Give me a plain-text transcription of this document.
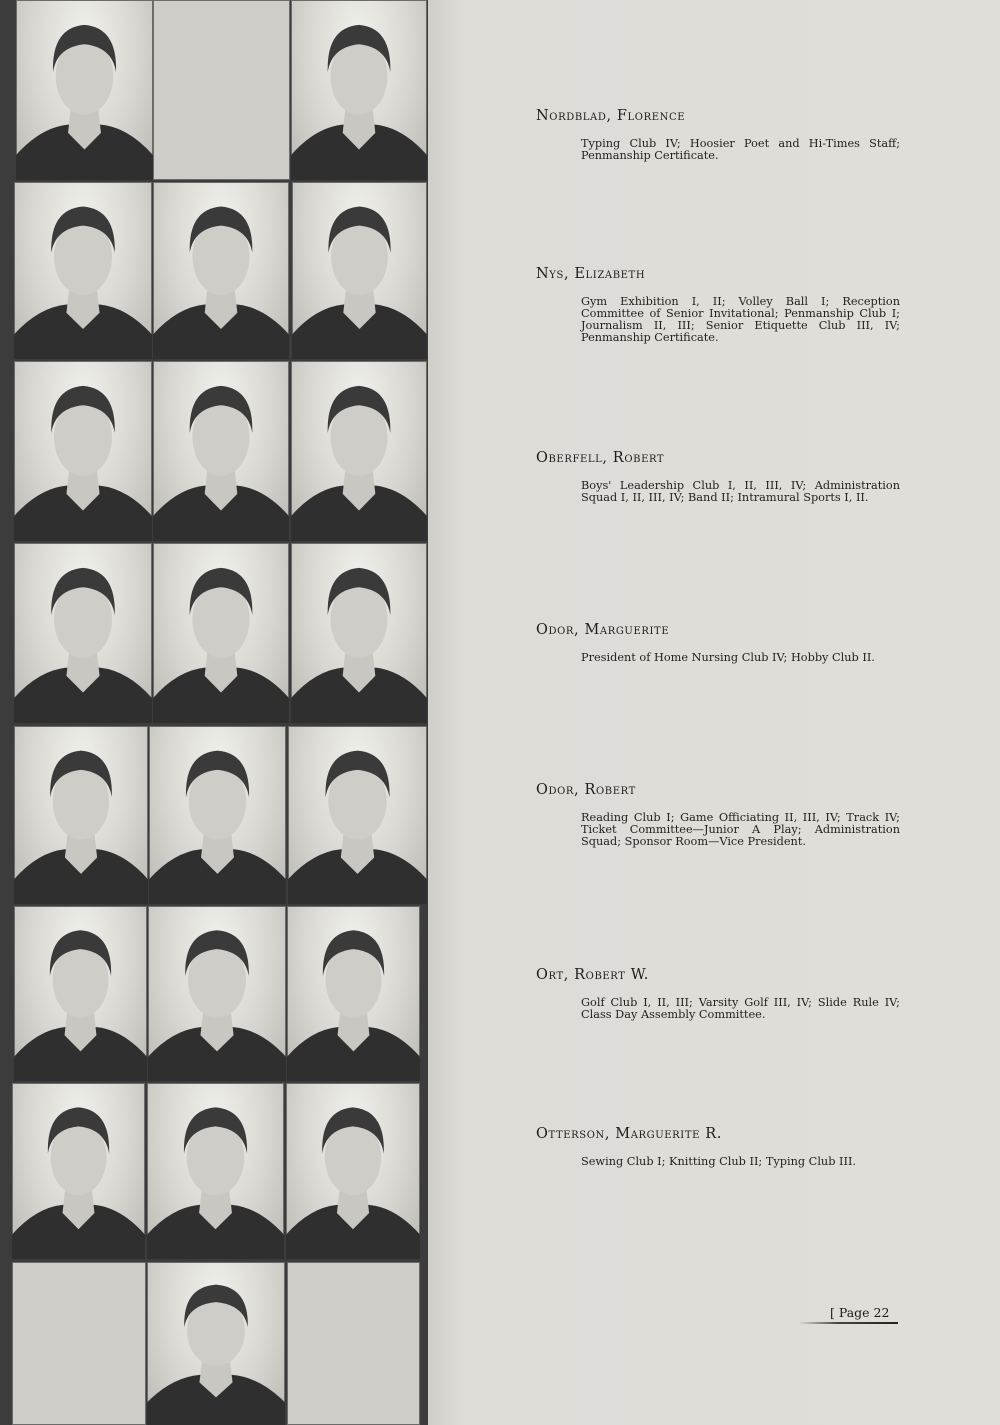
Nordblad, Florence

Typing Club IV; Hoosier Poet and Hi-Times Staff; Penmanship Certificate.

Nys, Elizabeth

Gym Exhibition I, II; Volley Ball I; Reception Committee of Senior Invitational; Penmanship Club I; Journalism II, III; Senior Etiquette Club III, IV; Penmanship Certificate.

Oberfell, Robert

Boys' Leadership Club I, II, III, IV; Administration Squad I, II, III, IV; Band II; Intramural Sports I, II.

Odor, Marguerite

President of Home Nursing Club IV; Hobby Club II.

Odor, Robert

Reading Club I; Game Officiating II, III, IV; Track IV; Ticket Committee—Junior A Play; Administration Squad; Sponsor Room—Vice President.

Ort, Robert W.

Golf Club I, II, III; Varsity Golf III, IV; Slide Rule IV; Class Day Assembly Committee.

Otterson, Marguerite R.

Sewing Club I; Knitting Club II; Typing Club III.

[ Page 22
